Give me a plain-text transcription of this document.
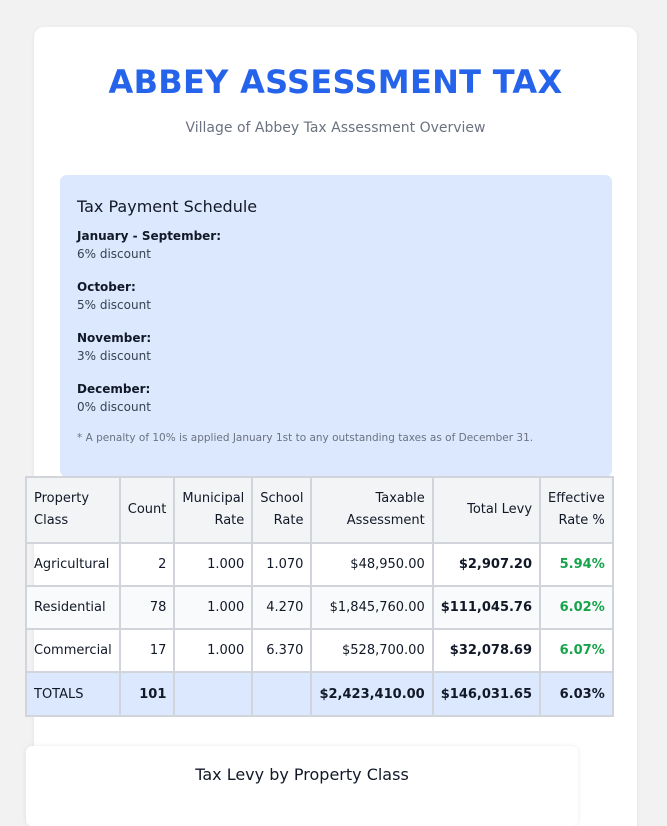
ABBEY ASSESSMENT TAX

Village of Abbey Tax Assessment Overview

Tax Payment Schedule
January - September:
6% discount
October:
5% discount
November:
3% discount
December:
0% discount

* A penalty of 10% is applied January 1st to any outstanding taxes as of December 31.

Property Class	Count	Municipal Rate	School Rate	Taxable Assessment	Total Levy	Effective Rate %
Agricultural	2	1.000	1.070	$48,950.00	$2,907.20	5.94%
Residential	78	1.000	4.270	$1,845,760.00	$111,045.76	6.02%
Commercial	17	1.000	6.370	$528,700.00	$32,078.69	6.07%
TOTALS	101			$2,423,410.00	$146,031.65	6.03%
Tax Levy by Property Class
